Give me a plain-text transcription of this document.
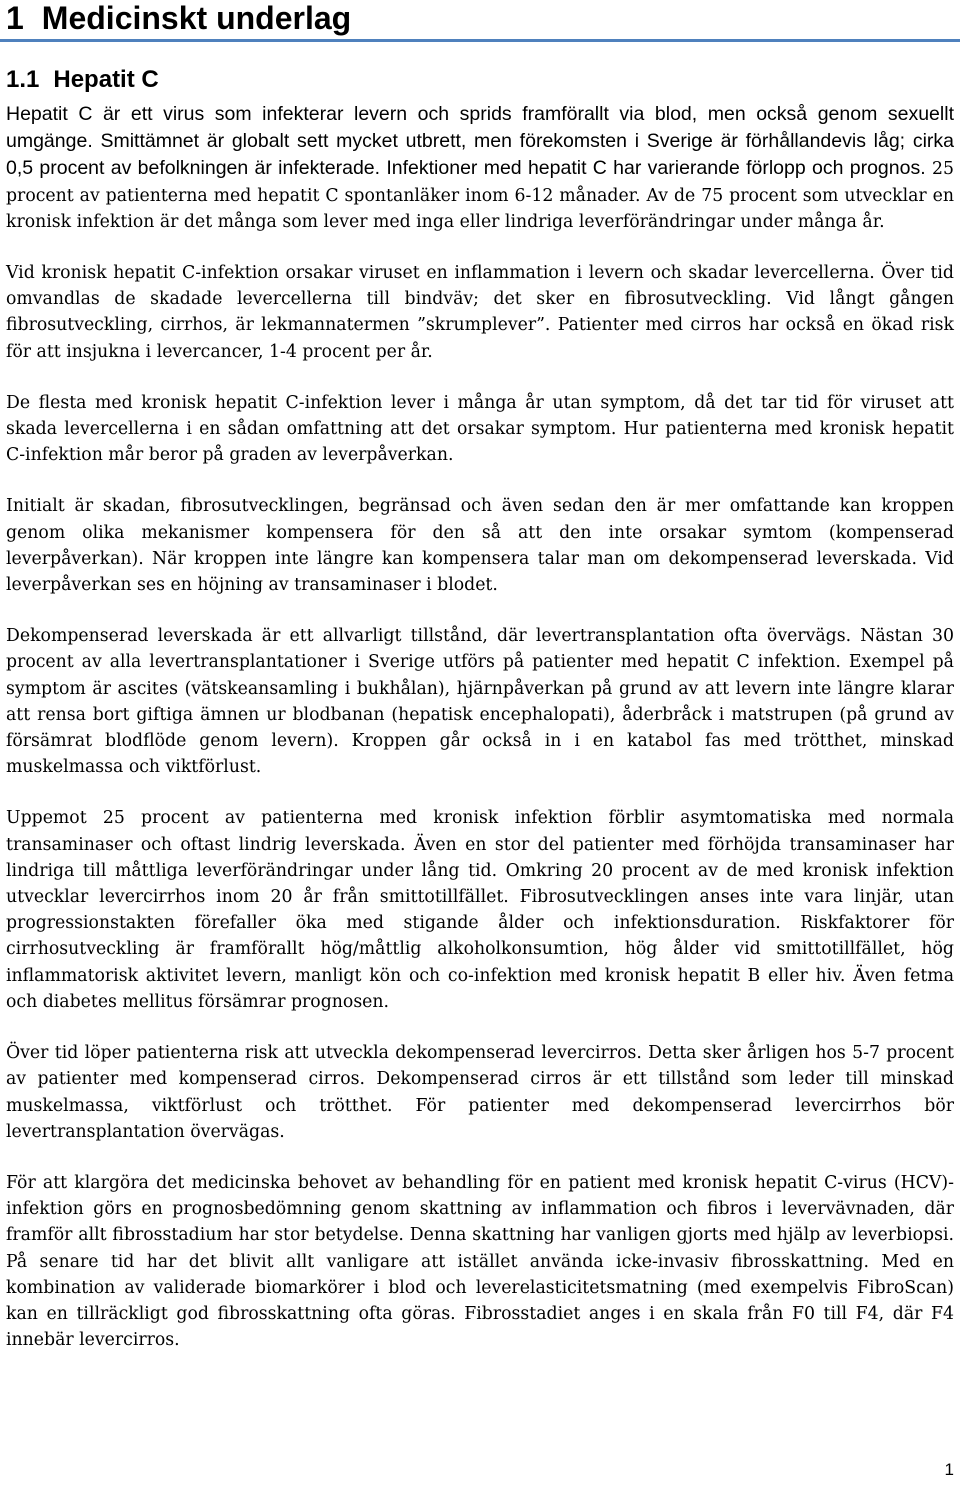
1 Medicinskt underlag
1.1 Hepatit C

Hepatit C är ett virus som infekterar levern och sprids framförallt via blod, men också genom sexuellt umgänge. Smittämnet är globalt sett mycket utbrett, men förekomsten i Sverige är förhållandevis låg; cirka 0,5 procent av befolkningen är infekterade. Infektioner med hepatit C har varierande förlopp och prognos. 25 procent av patienterna med hepatit C spontanläker inom 6-12 månader. Av de 75 procent som utvecklar en kronisk infektion är det många som lever med inga eller lindriga leverförändringar under många år.

Vid kronisk hepatit C-infektion orsakar viruset en inflammation i levern och skadar levercellerna. Över tid omvandlas de skadade levercellerna till bindväv; det sker en fibrosutveckling. Vid långt gången fibrosutveckling, cirrhos, är lekmannatermen ”skrumplever”. Patienter med cirros har också en ökad risk för att insjukna i levercancer, 1-4 procent per år.

De flesta med kronisk hepatit C-infektion lever i många år utan symptom, då det tar tid för viruset att skada levercellerna i en sådan omfattning att det orsakar symptom. Hur patienterna med kronisk hepatit C-infektion mår beror på graden av leverpåverkan.

Initialt är skadan, fibrosutvecklingen, begränsad och även sedan den är mer omfattande kan kroppen genom olika mekanismer kompensera för den så att den inte orsakar symtom (kompenserad leverpåverkan). När kroppen inte längre kan kompensera talar man om dekompenserad leverskada. Vid leverpåverkan ses en höjning av transaminaser i blodet.

Dekompenserad leverskada är ett allvarligt tillstånd, där levertransplantation ofta övervägs. Nästan 30 procent av alla levertransplantationer i Sverige utförs på patienter med hepatit C infektion. Exempel på symptom är ascites (vätskeansamling i bukhålan), hjärnpåverkan på grund av att levern inte längre klarar att rensa bort giftiga ämnen ur blodbanan (hepatisk encephalopati), åderbråck i matstrupen (på grund av försämrat blodflöde genom levern). Kroppen går också in i en katabol fas med trötthet, minskad muskelmassa och viktförlust.

Uppemot 25 procent av patienterna med kronisk infektion förblir asymtomatiska med normala transaminaser och oftast lindrig leverskada. Även en stor del patienter med förhöjda transaminaser har lindriga till måttliga leverförändringar under lång tid. Omkring 20 procent av de med kronisk infektion utvecklar levercirrhos inom 20 år från smittotillfället. Fibrosutvecklingen anses inte vara linjär, utan progressionstakten förefaller öka med stigande ålder och infektionsduration. Riskfaktorer för cirrhosutveckling är framförallt hög/måttlig alkoholkonsumtion, hög ålder vid smittotillfället, hög inflammatorisk aktivitet levern, manligt kön och co-infektion med kronisk hepatit B eller hiv. Även fetma och diabetes mellitus försämrar prognosen.

Över tid löper patienterna risk att utveckla dekompenserad levercirros. Detta sker årligen hos 5-7 procent av patienter med kompenserad cirros. Dekompenserad cirros är ett tillstånd som leder till minskad muskelmassa, viktförlust och trötthet. För patienter med dekompenserad levercirrhos bör levertransplantation övervägas.

För att klargöra det medicinska behovet av behandling för en patient med kronisk hepatit C-virus (HCV)-infektion görs en prognosbedömning genom skattning av inflammation och fibros i levervävnaden, där framför allt fibrosstadium har stor betydelse. Denna skattning har vanligen gjorts med hjälp av leverbiopsi. På senare tid har det blivit allt vanligare att istället använda icke-invasiv fibrosskattning. Med en kombination av validerade biomarkörer i blod och leverelasticitetsmatning (med exempelvis FibroScan) kan en tillräckligt god fibrosskattning ofta göras. Fibrosstadiet anges i en skala från F0 till F4, där F4 innebär levercirros.

1
